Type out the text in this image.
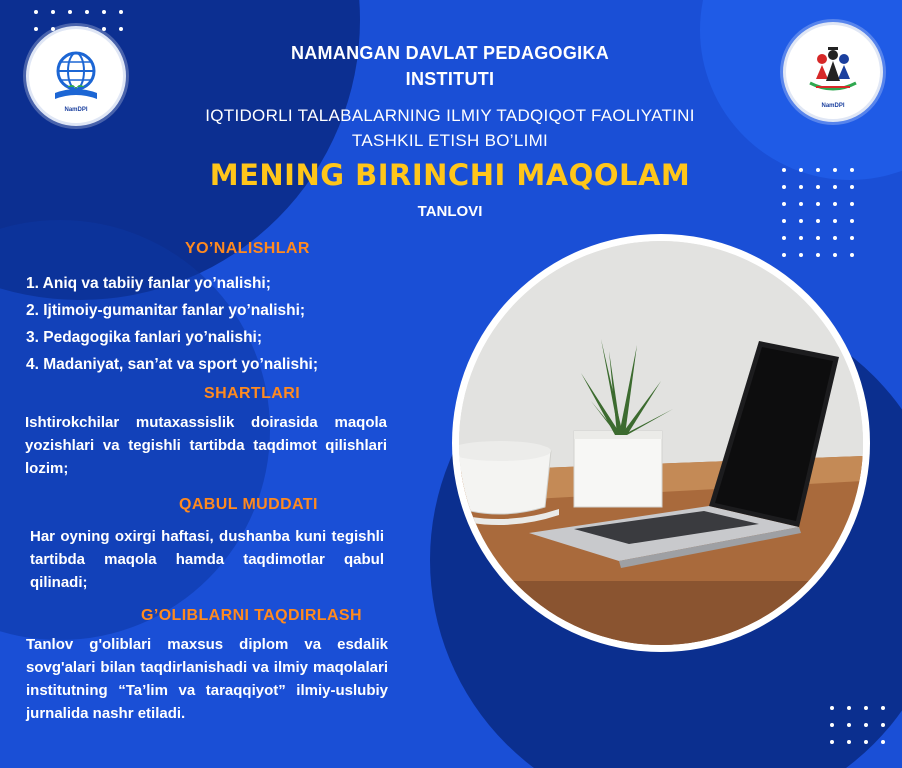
NamDPI
NamDPI
NAMANGAN DAVLAT PEDAGOGIKA
INSTITUTI
IQTIDORLI TALABALARNING ILMIY TADQIQOT FAOLIYATINI
TASHKIL ETISH BO’LIMI
MENING BIRINCHI MAQOLAM
TANLOVI
YO’NALISHLAR
1. Aniq va tabiiy fanlar yo’nalishi;
2. Ijtimoiy-gumanitar fanlar yo’nalishi;
3. Pedagogika fanlari yo’nalishi;
4. Madaniyat, san’at va sport yo’nalishi;
SHARTLARI
Ishtirokchilar mutaxassislik doirasida maqola yozishlari va tegishli tartibda taqdimot qilishlari lozim;
QABUL MUDDATI
Har oyning oxirgi haftasi, dushanba kuni tegishli tartibda maqola hamda taqdimotlar qabul qilinadi;
G’OLIBLARNI TAQDIRLASH
Tanlov g'oliblari maxsus diplom va esdalik sovg'alari bilan taqdirlanishadi va ilmiy maqolalari institutning “Ta’lim va taraqqiyot” ilmiy-uslubiy jurnalida nashr etiladi.
